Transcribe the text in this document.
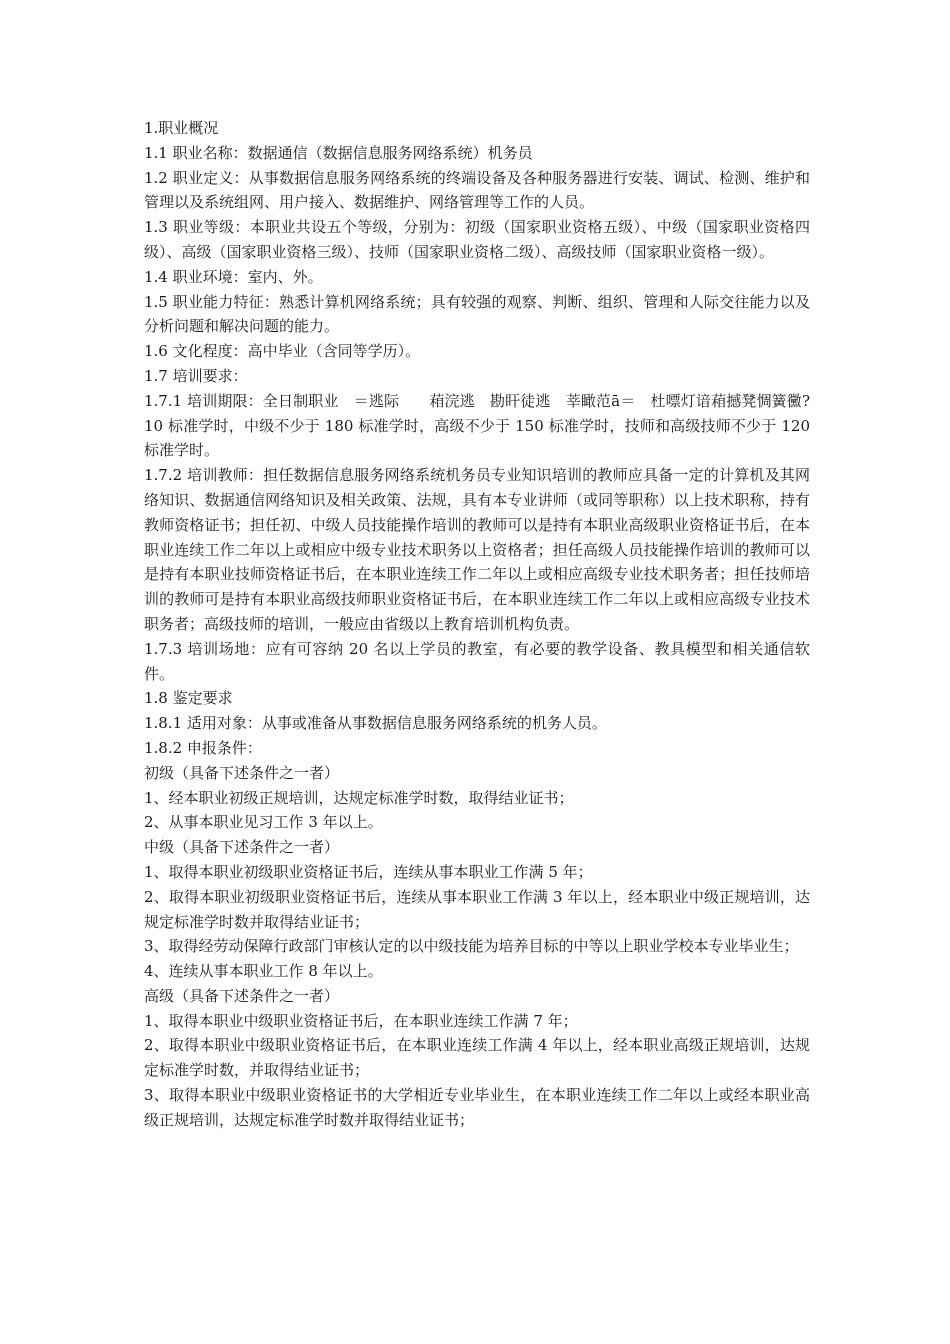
1.职业概况

1.1 职业名称：数据通信（数据信息服务网络系统）机务员

1.2 职业定义：从事数据信息服务网络系统的终端设备及各种服务器进行安装、调试、检测、维护和管理以及系统组网、用户接入、数据维护、网络管理等工作的人员。

1.3 职业等级：本职业共设五个等级，分别为：初级（国家职业资格五级）、中级（国家职业资格四级）、高级（国家职业资格三级）、技师（国家职业资格二级）、高级技师（国家职业资格一级）。

1.4 职业环境：室内、外。

1.5 职业能力特征：熟悉计算机网络系统；具有较强的观察、判断、组织、管理和人际交往能力以及分析问题和解决问题的能力。

1.6 文化程度：高中毕业（含同等学历）。

1.7 培训要求：

1.7.1 培训期限：全日制职业　＝逃际　　葙浣逃　勘盰徒逃　莘瞰范ā＝　杜嘌灯谙葙撼凳惆簧黴?10 标准学时，中级不少于 180 标准学时，高级不少于 150 标准学时，技师和高级技师不少于 120 标准学时。

1.7.2 培训教师：担任数据信息服务网络系统机务员专业知识培训的教师应具备一定的计算机及其网络知识、数据通信网络知识及相关政策、法规，具有本专业讲师（或同等职称）以上技术职称，持有教师资格证书；担任初、中级人员技能操作培训的教师可以是持有本职业高级职业资格证书后，在本职业连续工作二年以上或相应中级专业技术职务以上资格者；担任高级人员技能操作培训的教师可以是持有本职业技师资格证书后，在本职业连续工作二年以上或相应高级专业技术职务者；担任技师培训的教师可是持有本职业高级技师职业资格证书后，在本职业连续工作二年以上或相应高级专业技术职务者；高级技师的培训，一般应由省级以上教育培训机构负责。

1.7.3 培训场地：应有可容纳 20 名以上学员的教室，有必要的教学设备、教具模型和相关通信软件。

1.8 鉴定要求

1.8.1 适用对象：从事或准备从事数据信息服务网络系统的机务人员。

1.8.2 申报条件：

初级（具备下述条件之一者）

1、经本职业初级正规培训，达规定标准学时数，取得结业证书；

2、从事本职业见习工作 3 年以上。

中级（具备下述条件之一者）

1、取得本职业初级职业资格证书后，连续从事本职业工作满 5 年；

2、取得本职业初级职业资格证书后，连续从事本职业工作满 3 年以上，经本职业中级正规培训，达规定标准学时数并取得结业证书；

3、取得经劳动保障行政部门审核认定的以中级技能为培养目标的中等以上职业学校本专业毕业生；

4、连续从事本职业工作 8 年以上。

高级（具备下述条件之一者）

1、取得本职业中级职业资格证书后，在本职业连续工作满 7 年；

2、取得本职业中级职业资格证书后，在本职业连续工作满 4 年以上，经本职业高级正规培训，达规定标准学时数，并取得结业证书；

3、取得本职业中级职业资格证书的大学相近专业毕业生，在本职业连续工作二年以上或经本职业高级正规培训，达规定标准学时数并取得结业证书；
